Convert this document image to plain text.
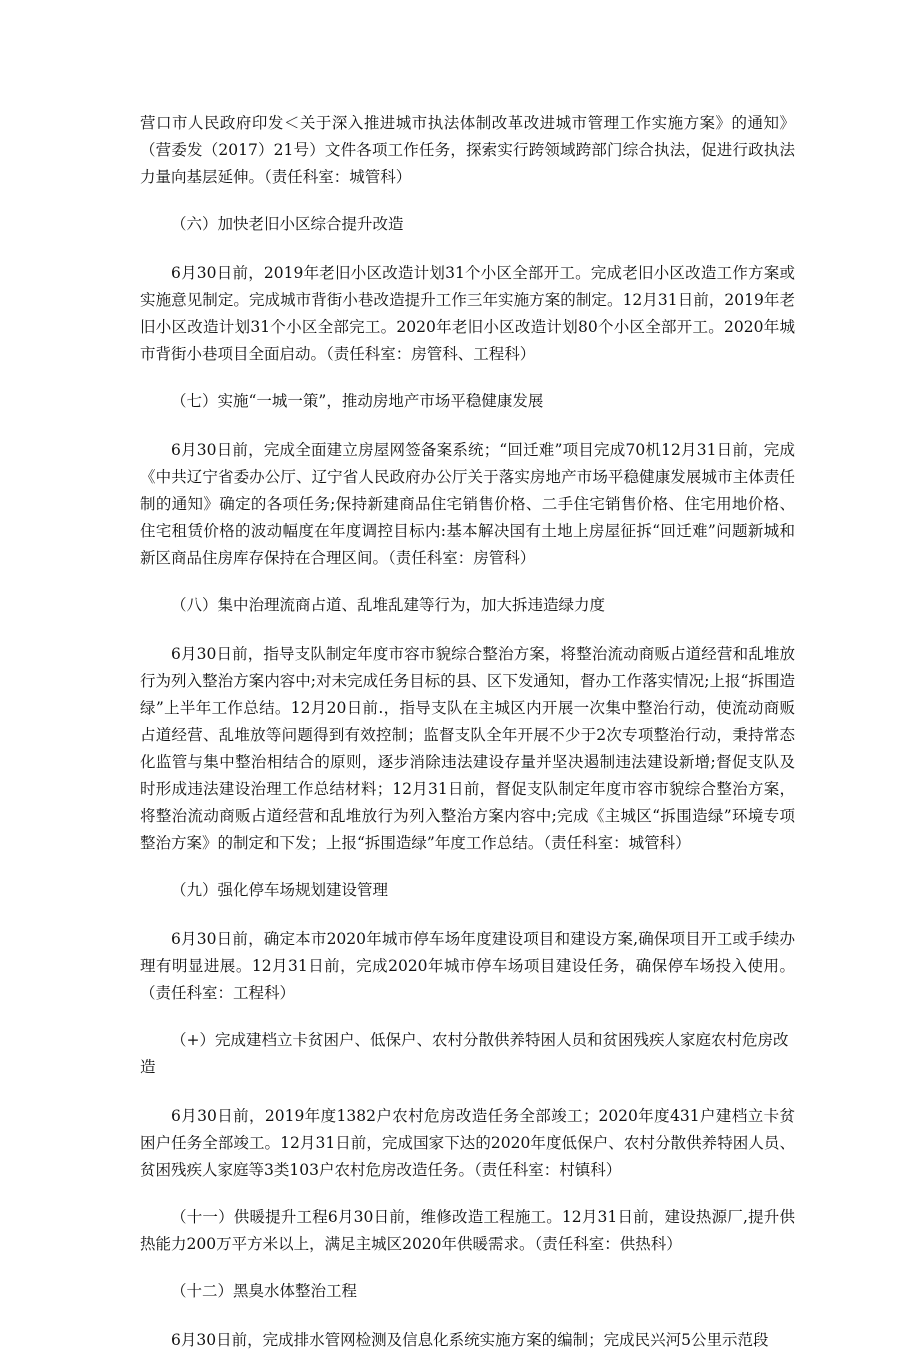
营口市人民政府印发＜关于深入推进城市执法体制改革改进城市管理工作实施方案》的通知》（营委发（2017）21号）文件各项工作任务，探索实行跨领域跨部门综合执法，促进行政执法力量向基层延伸。（责任科室：城管科）

（六）加快老旧小区综合提升改造

6月30日前，2019年老旧小区改造计划31个小区全部开工。完成老旧小区改造工作方案或实施意见制定。完成城市背街小巷改造提升工作三年实施方案的制定。12月31日前，2019年老旧小区改造计划31个小区全部完工。2020年老旧小区改造计划80个小区全部开工。2020年城市背街小巷项目全面启动。（责任科室：房管科、工程科）

（七）实施“一城一策”，推动房地产市场平稳健康发展

6月30日前，完成全面建立房屋网签备案系统；“回迁难”项目完成70机12月31日前，完成《中共辽宁省委办公厅、辽宁省人民政府办公厅关于落实房地产市场平稳健康发展城市主体责任制的通知》确定的各项任务;保持新建商品住宅销售价格、二手住宅销售价格、住宅用地价格、住宅租赁价格的波动幅度在年度调控目标内:基本解决国有土地上房屋征拆“回迁难”问题新城和新区商品住房库存保持在合理区间。（责任科室：房管科）

（八）集中治理流商占道、乱堆乱建等行为，加大拆违造绿力度

6月30日前，指导支队制定年度市容市貌综合整治方案，将整治流动商贩占道经营和乱堆放行为列入整治方案内容中;对未完成任务目标的县、区下发通知，督办工作落实情况;上报“拆围造绿”上半年工作总结。12月20日前.，指导支队在主城区内开展一次集中整治行动，使流动商贩占道经营、乱堆放等问题得到有效控制；监督支队全年开展不少于2次专项整治行动，秉持常态化监管与集中整治相结合的原则，逐步消除违法建设存量并坚决遏制违法建设新增;督促支队及时形成违法建设治理工作总结材料；12月31日前，督促支队制定年度市容市貌综合整治方案，将整治流动商贩占道经营和乱堆放行为列入整治方案内容中;完成《主城区“拆围造绿”环境专项整治方案》的制定和下发；上报“拆围造绿”年度工作总结。（责任科室：城管科）

（九）强化停车场规划建设管理

6月30日前，确定本市2020年城市停车场年度建设项目和建设方案,确保项目开工或手续办理有明显进展。12月31日前，完成2020年城市停车场项目建设任务，确保停车场投入使用。（责任科室：工程科）

（+）完成建档立卡贫困户、低保户、农村分散供养特困人员和贫困残疾人家庭农村危房改造

6月30日前，2019年度1382户农村危房改造任务全部竣工；2020年度431户建档立卡贫困户任务全部竣工。12月31日前，完成国家下达的2020年度低保户、农村分散供养特困人员、贫困残疾人家庭等3类103户农村危房改造任务。（责任科室：村镇科）

（十一）供暖提升工程6月30日前，维修改造工程施工。12月31日前，建设热源厂,提升供热能力200万平方米以上，满足主城区2020年供暖需求。（责任科室：供热科）

（十二）黑臭水体整治工程

6月30日前，完成排水管网检测及信息化系统实施方案的编制；完成民兴河5公里示范段
